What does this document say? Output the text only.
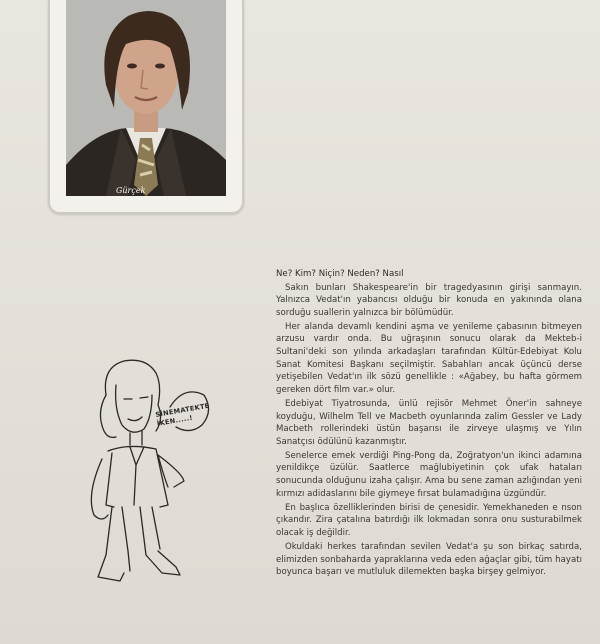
Gürçek
SİNEMATEKTE İKEN.....!

Ne? Kim? Niçin? Neden? Nasıl

Sakın bunları Shakespeare'in bir tragedyasının girişi sanmayın. Yalnızca Vedat'ın yabancısı olduğu bir konuda en yakınında olana sorduğu suallerin yalnızca bir bölümüdür.

Her alanda devamlı kendini aşma ve yenileme çabasının bitmeyen arzusu vardır onda. Bu uğraşının sonucu olarak da Mekteb-i Sultani'deki son yılında arkadaşları tarafından Kültür-Edebiyat Kolu Sanat Komitesi Başkanı seçilmiştir. Sabahları ancak üçüncü derse yetişebilen Vedat'ın ilk sözü genellikle : «Ağabey, bu hafta görmem gereken dört film var.» olur.

Edebiyat Tiyatrosunda, ünlü rejisör Mehmet Öner'in sahneye koyduğu, Wilhelm Tell ve Macbeth oyunlarında zalim Gessler ve Lady Macbeth rollerindeki üstün başarısı ile zirveye ulaşmış ve Yılın Sanatçısı ödülünü kazanmıştır.

Senelerce emek verdiği Ping-Pong da, Zoğratyon'un ikinci adamına yenildikçe üzülür. Saatlerce mağlubiyetinin çok ufak hataları sonucunda olduğunu izaha çalışır. Ama bu sene zaman azlığından yeni kırmızı adidaslarını bile giymeye fırsat bulamadığına üzgündür.

En başlıca özelliklerinden birisi de çenesidir. Yemekhaneden e nson çıkandır. Zira çatalına batırdığı ilk lokmadan sonra onu susturabilmek olacak iş değildir.

Okuldaki herkes tarafından sevilen Vedat'a şu son birkaç satırda, elimizden sonbaharda yapraklarına veda eden ağaçlar gibi, tüm hayatı boyunca başarı ve mutluluk dilemekten başka birşey gelmiyor.
